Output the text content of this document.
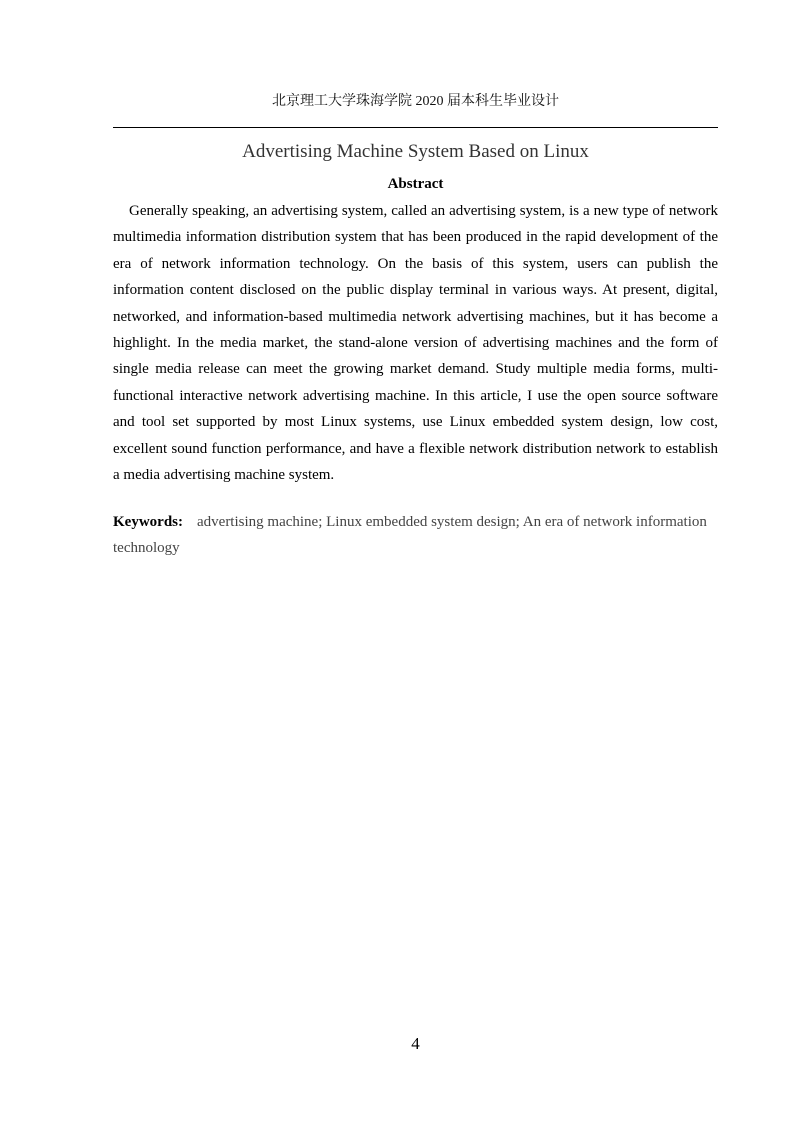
北京理工大学珠海学院 2020 届本科生毕业设计
Advertising Machine System Based on Linux
Abstract

Generally speaking, an advertising system, called an advertising system, is a new type of network multimedia information distribution system that has been produced in the rapid development of the era of network information technology. On the basis of this system, users can publish the information content disclosed on the public display terminal in various ways. At present, digital, networked, and information-based multimedia network advertising machines, but it has become a highlight. In the media market, the stand-alone version of advertising machines and the form of single media release can meet the growing market demand. Study multiple media forms, multi-functional interactive network advertising machine. In this article, I use the open source software and tool set supported by most Linux systems, use Linux embedded system design, low cost, excellent sound function performance, and have a flexible network distribution network to establish a media advertising machine system.

Keywords: advertising machine; Linux embedded system design; An era of network information technology

4
